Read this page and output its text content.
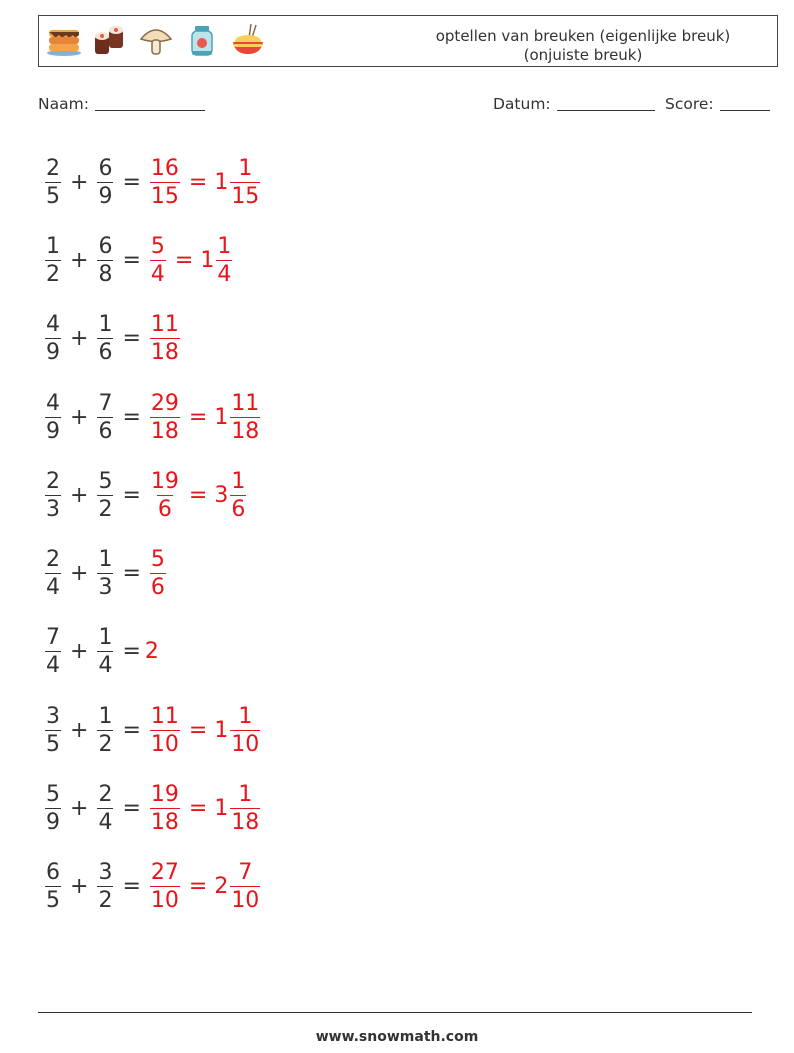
optellen van breuken (eigenlijke breuk)
(onjuiste breuk)
Naam:	Datum:	Score:
$\frac{2}{5} + \frac{6}{9} = \frac{16}{15} = 1 \frac{1}{15}$
$\frac{1}{2} + \frac{6}{8} = \frac{5}{4} = 1 \frac{1}{4}$
$\frac{4}{9} + \frac{1}{6} = \frac{11}{18}$
$\frac{4}{9} + \frac{7}{6} = \frac{29}{18} = 1 \frac{11}{18}$
$\frac{2}{3} + \frac{5}{2} = \frac{19}{6} = 3 \frac{1}{6}$
$\frac{2}{4} + \frac{1}{3} = \frac{5}{6}$
$\frac{7}{4} + \frac{1}{4} = 2$
$\frac{3}{5} + \frac{1}{2} = \frac{11}{10} = 1 \frac{1}{10}$
$\frac{5}{9} + \frac{2}{4} = \frac{19}{18} = 1 \frac{1}{18}$
$\frac{6}{5} + \frac{3}{2} = \frac{27}{10} = 2 \frac{7}{10}$
www.snowmath.com
